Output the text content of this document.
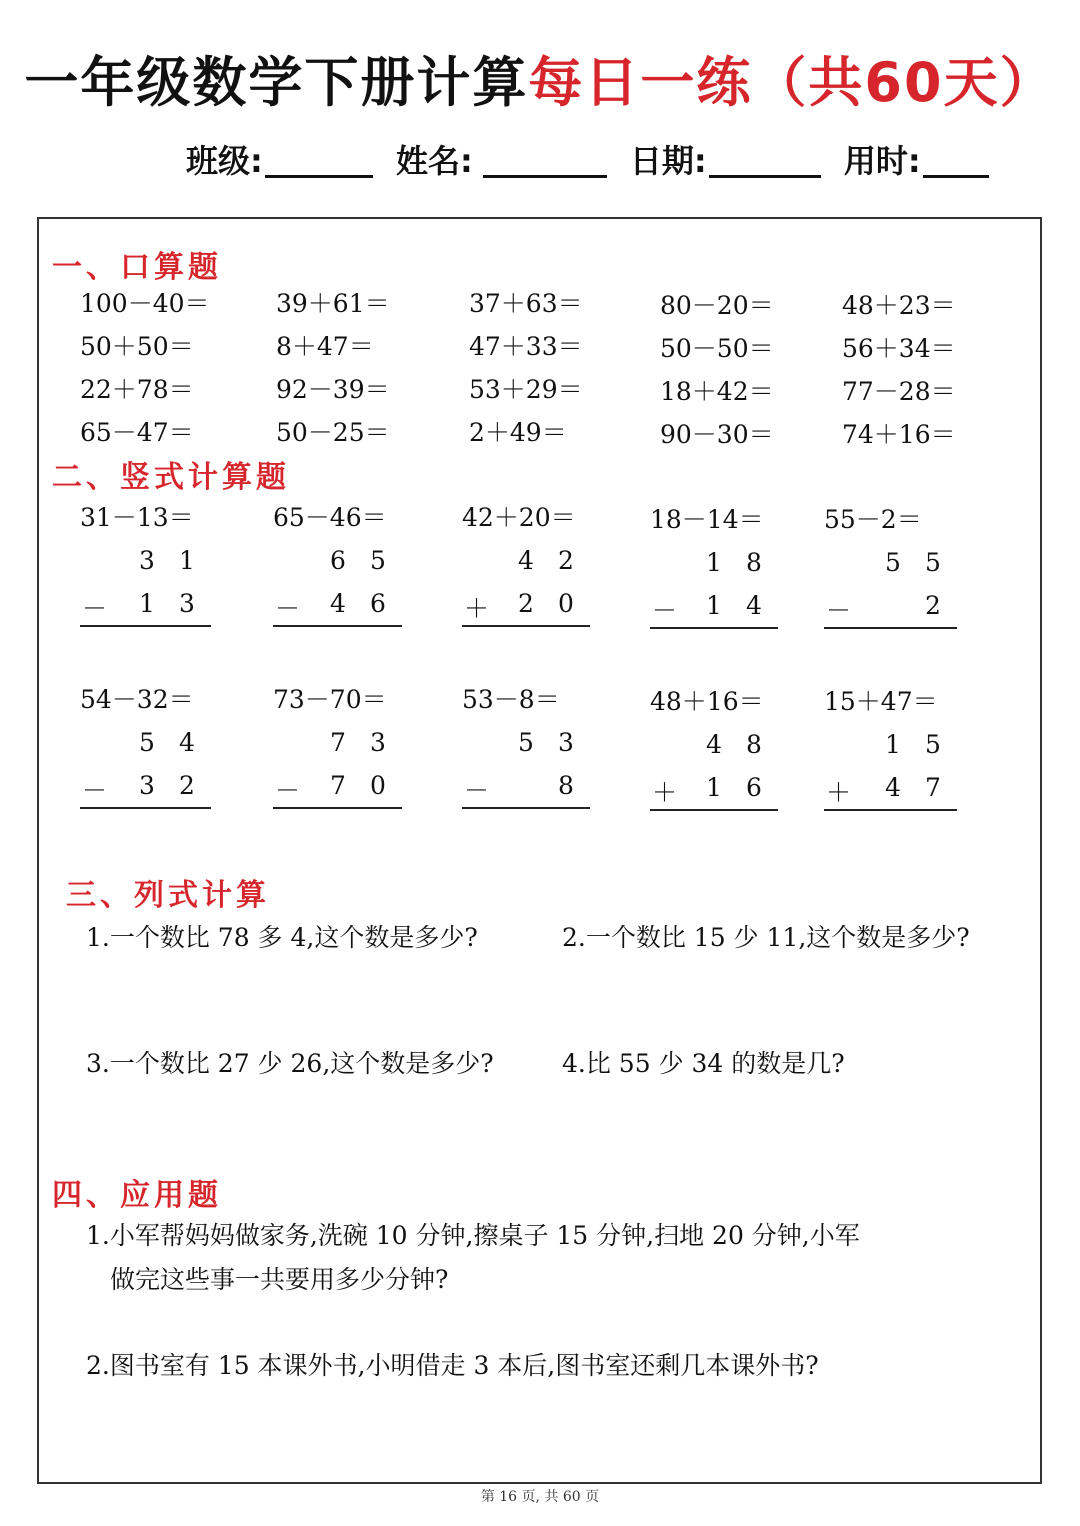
一年级数学下册计算每日一练（共60天）
班级:	姓名:	日期:	用时:
一、口算题
二、竖式计算题
三、列式计算
四、应用题
100－40＝	39＋61＝	37＋63＝	80－20＝	48＋23＝
50＋50＝	8＋47＝	47＋33＝	50－50＝	56＋34＝
22＋78＝	92－39＝	53＋29＝	18＋42＝	77－28＝
65－47＝	50－25＝	2＋49＝	90－30＝	74＋16＝
31－13＝
3 1
－ 1 3
65－46＝
6 5
－ 4 6
42＋20＝
4 2
＋ 2 0
18－14＝
1 8
－ 1 4
55－2＝
5 5
－	2
54－32＝
5 4
－ 3 2
73－70＝
7 3
－ 7 0
53－8＝
5 3
－	8
48＋16＝
4 8
＋ 1 6
15＋47＝
1 5
＋ 4 7
1.一个数比 78 多 4,这个数是多少?	2.一个数比 15 少 11,这个数是多少?
3.一个数比 27 少 26,这个数是多少?	4.比 55 少 34 的数是几?
1.小军帮妈妈做家务,洗碗 10 分钟,擦桌子 15 分钟,扫地 20 分钟,小军
做完这些事一共要用多少分钟?
2.图书室有 15 本课外书,小明借走 3 本后,图书室还剩几本课外书?
第 16 页, 共 60 页
